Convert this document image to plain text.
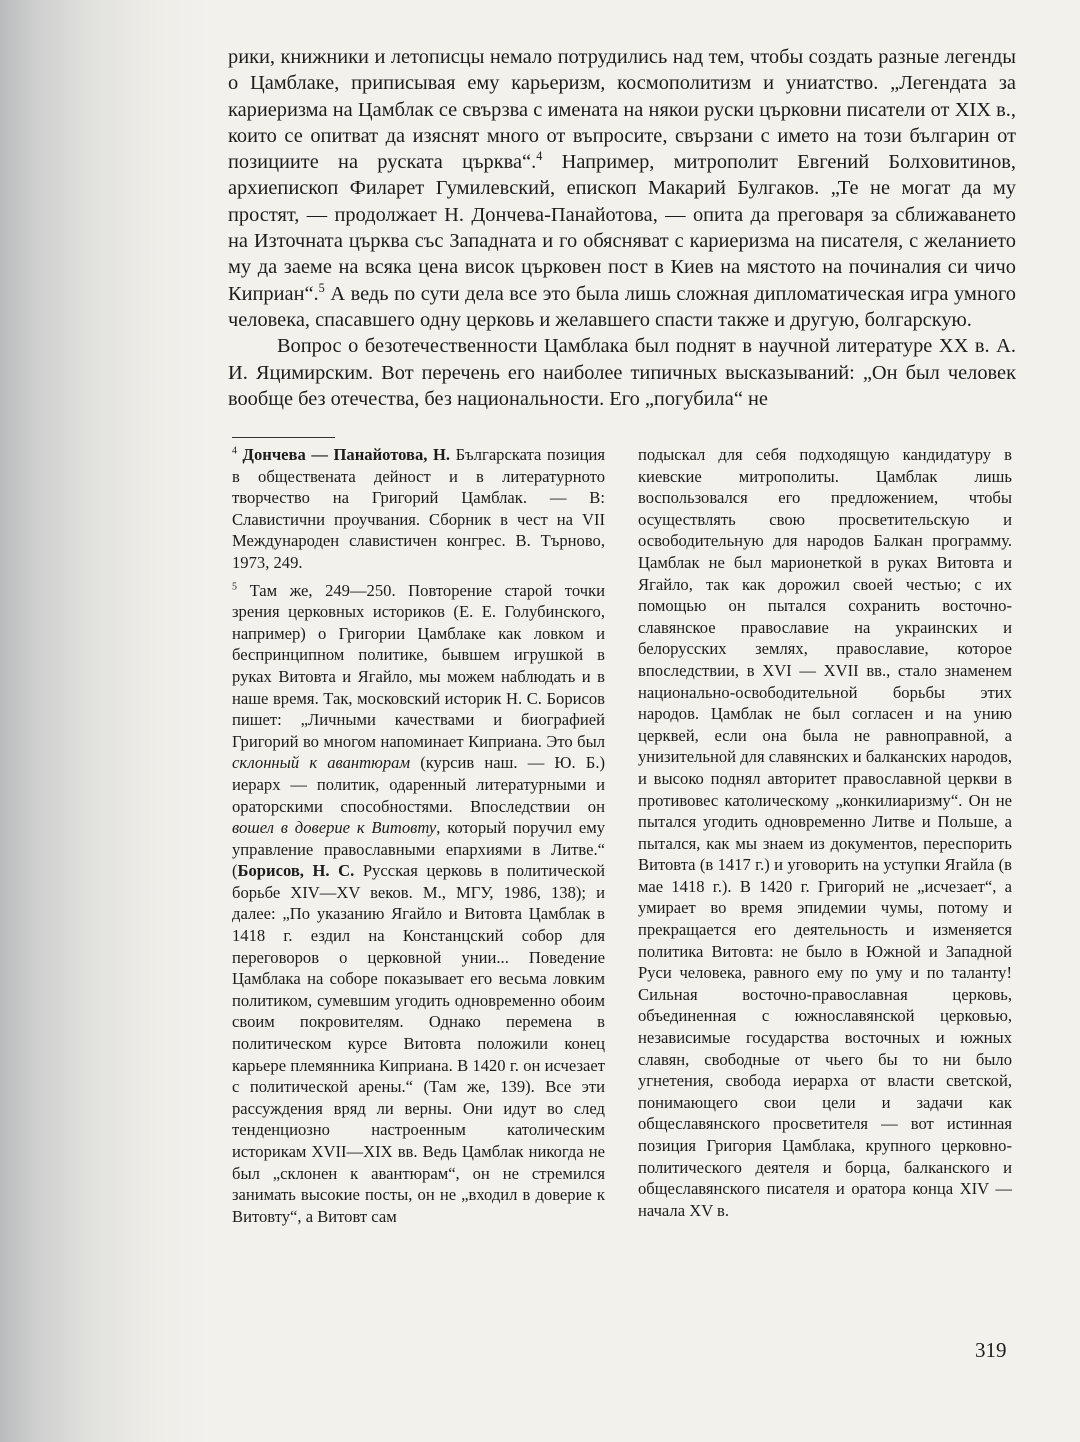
рики, книжники и летописцы немало потрудились над тем, чтобы создать разные легенды о Цамблаке, приписывая ему карьеризм, космополитизм и униатство. „Легендата за кариеризма на Цамблак се свързва с имената на някои руски църковни писатели от XIX в., които се опитват да изяснят много от въпросите, свързани с името на този българин от позициите на руската църква“.$^4$ Например, митрополит Евгений Болховитинов, архиепископ Филарет Гумилевский, епископ Макарий Булгаков. „Те не могат да му простят, — продолжает Н. Дончева-Панайотова, — опита да преговаря за сближаването на Източната църква със Западната и го обясняват с кариеризма на писателя, с желанието му да заеме на всяка цена висок църковен пост в Киев на мястото на починалия си чичо Киприан“.$^5$ А ведь по сути дела все это была лишь сложная дипломатическая игра умного человека, спасавшего одну церковь и желавшего спасти также и другую, болгарскую.

Вопрос о безотечественности Цамблака был поднят в научной литературе XX в. А. И. Яцимирским. Вот перечень его наиболее типичных высказываний: „Он был человек вообще без отечества, без национальности. Его „погубила“ не

$^4$ Дончева — Панайотова, Н. Българската позиция в обществената дейност и в литературното творчество на Григорий Цамблак. — В: Славистични проучвания. Сборник в чест на VII Международен славистичен конгрес. В. Търново, 1973, 249.

$^5$ Там же, 249—250. Повторение старой точки зрения церковных историков (Е. Е. Голубинского, например) о Григории Цамблаке как ловком и беспринципном политике, бывшем игрушкой в руках Витовта и Ягайло, мы можем наблюдать и в наше время. Так, московский историк Н. С. Борисов пишет: „Личными качествами и биографией Григорий во многом напоминает Киприана. Это был склонный к авантюрам (курсив наш. — Ю. Б.) иерарх — политик, одаренный литературными и ораторскими способностями. Впоследствии он вошел в доверие к Витовту, который поручил ему управление православными епархиями в Литве.“ (Борисов, Н. С. Русская церковь в политической борьбе XIV—XV веков. М., МГУ, 1986, 138); и далее: „По указанию Ягайло и Витовта Цамблак в 1418 г. ездил на Констанцский собор для переговоров о церковной унии... Поведение Цамблака на соборе показывает его весьма ловким политиком, сумевшим угодить одновременно обоим своим покровителям. Однако перемена в политическом курсе Витовта положили конец карьере племянника Киприана. В 1420 г. он исчезает с политической арены.“ (Там же, 139). Все эти рассуждения вряд ли верны. Они идут во след тенденциозно настроенным католическим историкам XVII—XIX вв. Ведь Цамблак никогда не был „склонен к авантюрам“, он не стремился занимать высокие посты, он не „входил в доверие к Витовту“, а Витовт сам

подыскал для себя подходящую кандидатуру в киевские митрополиты. Цамблак лишь воспользовался его предложением, чтобы осуществлять свою просветительскую и освободительную для народов Балкан программу. Цамблак не был марионеткой в руках Витовта и Ягайло, так как дорожил своей честью; с их помощью он пытался сохранить восточно-славянское православие на украинских и белорусских землях, православие, которое впоследствии, в XVI — XVII вв., стало знаменем национально-освободительной борьбы этих народов. Цамблак не был согласен и на унию церквей, если она была не равноправной, а унизительной для славянских и балканских народов, и высоко поднял авторитет православной церкви в противовес католическому „конкилиаризму“. Он не пытался угодить одновременно Литве и Польше, а пытался, как мы знаем из документов, переспорить Витовта (в 1417 г.) и уговорить на уступки Ягайла (в мае 1418 г.). В 1420 г. Григорий не „исчезает“, а умирает во время эпидемии чумы, потому и прекращается его деятельность и изменяется политика Витовта: не было в Южной и Западной Руси человека, равного ему по уму и по таланту! Сильная восточно-православная церковь, объединенная с южнославянской церковью, независимые государства восточных и южных славян, свободные от чьего бы то ни было угнетения, свобода иерарха от власти светской, понимающего свои цели и задачи как общеславянского просветителя — вот истинная позиция Григория Цамблака, крупного церковно-политического деятеля и борца, балканского и общеславянского писателя и оратора конца XIV — начала XV в.

319
